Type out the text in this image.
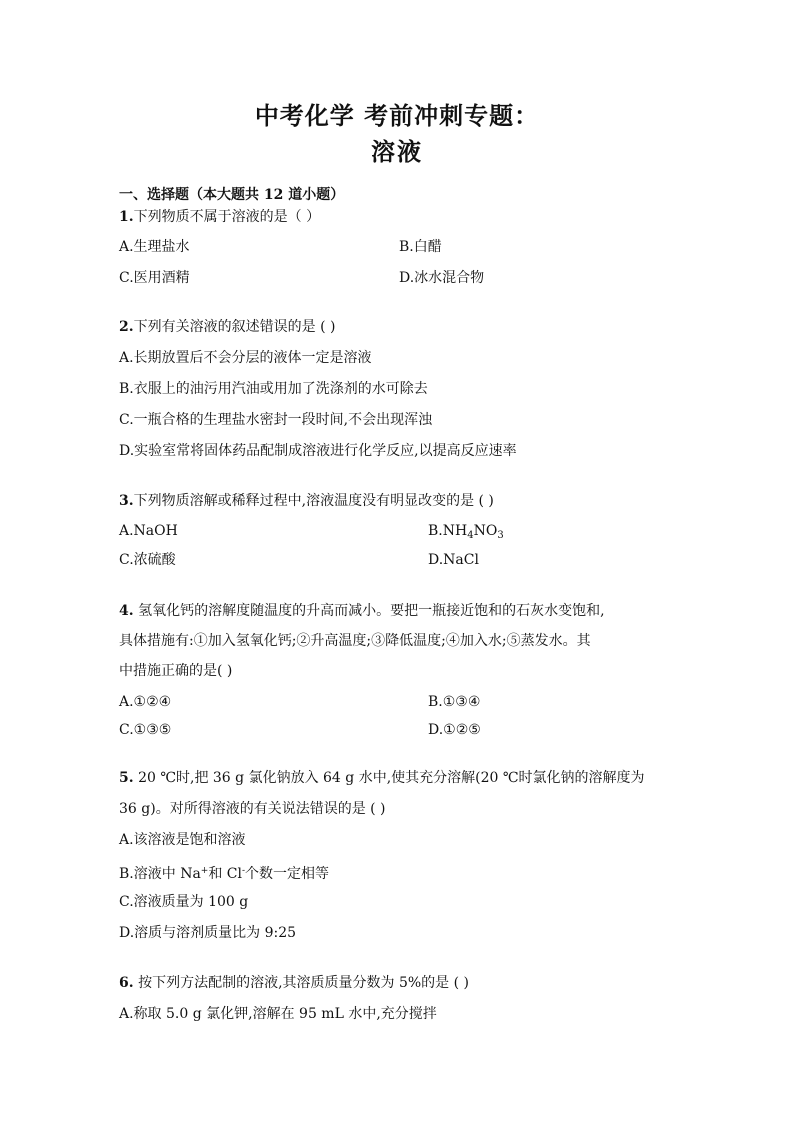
中考化学 考前冲刺专题：
溶液
一、选择题（本大题共 12 道小题）
1.下列物质不属于溶液的是（ ）
A.生理盐水	B.白醋
C.医用酒精	D.冰水混合物
2.下列有关溶液的叙述错误的是 ( )
A.长期放置后不会分层的液体一定是溶液
B.衣服上的油污用汽油或用加了洗涤剂的水可除去
C.一瓶合格的生理盐水密封一段时间,不会出现浑浊
D.实验室常将固体药品配制成溶液进行化学反应,以提高反应速率
3.下列物质溶解或稀释过程中,溶液温度没有明显改变的是 ( )
A.NaOH	$B.NH_4NO_3$
C.浓硫酸	D.NaCl
4. 氢氧化钙的溶解度随温度的升高而减小。要把一瓶接近饱和的石灰水变饱和,
具体措施有:①加入氢氧化钙;②升高温度;③降低温度;④加入水;⑤蒸发水。其
中措施正确的是( )
A.①②④	B.①③④
C.①③⑤	D.①②⑤
5. 20 ℃时,把 36 g 氯化钠放入 64 g 水中,使其充分溶解(20 ℃时氯化钠的溶解度为
36 g)。对所得溶液的有关说法错误的是 ( )
A.该溶液是饱和溶液
B.溶液中 Na+和 Cl-个数一定相等
C.溶液质量为 100 g
D.溶质与溶剂质量比为 9:25
6. 按下列方法配制的溶液,其溶质质量分数为 5%的是 ( )
A.称取 5.0 g 氯化钾,溶解在 95 mL 水中,充分搅拌
